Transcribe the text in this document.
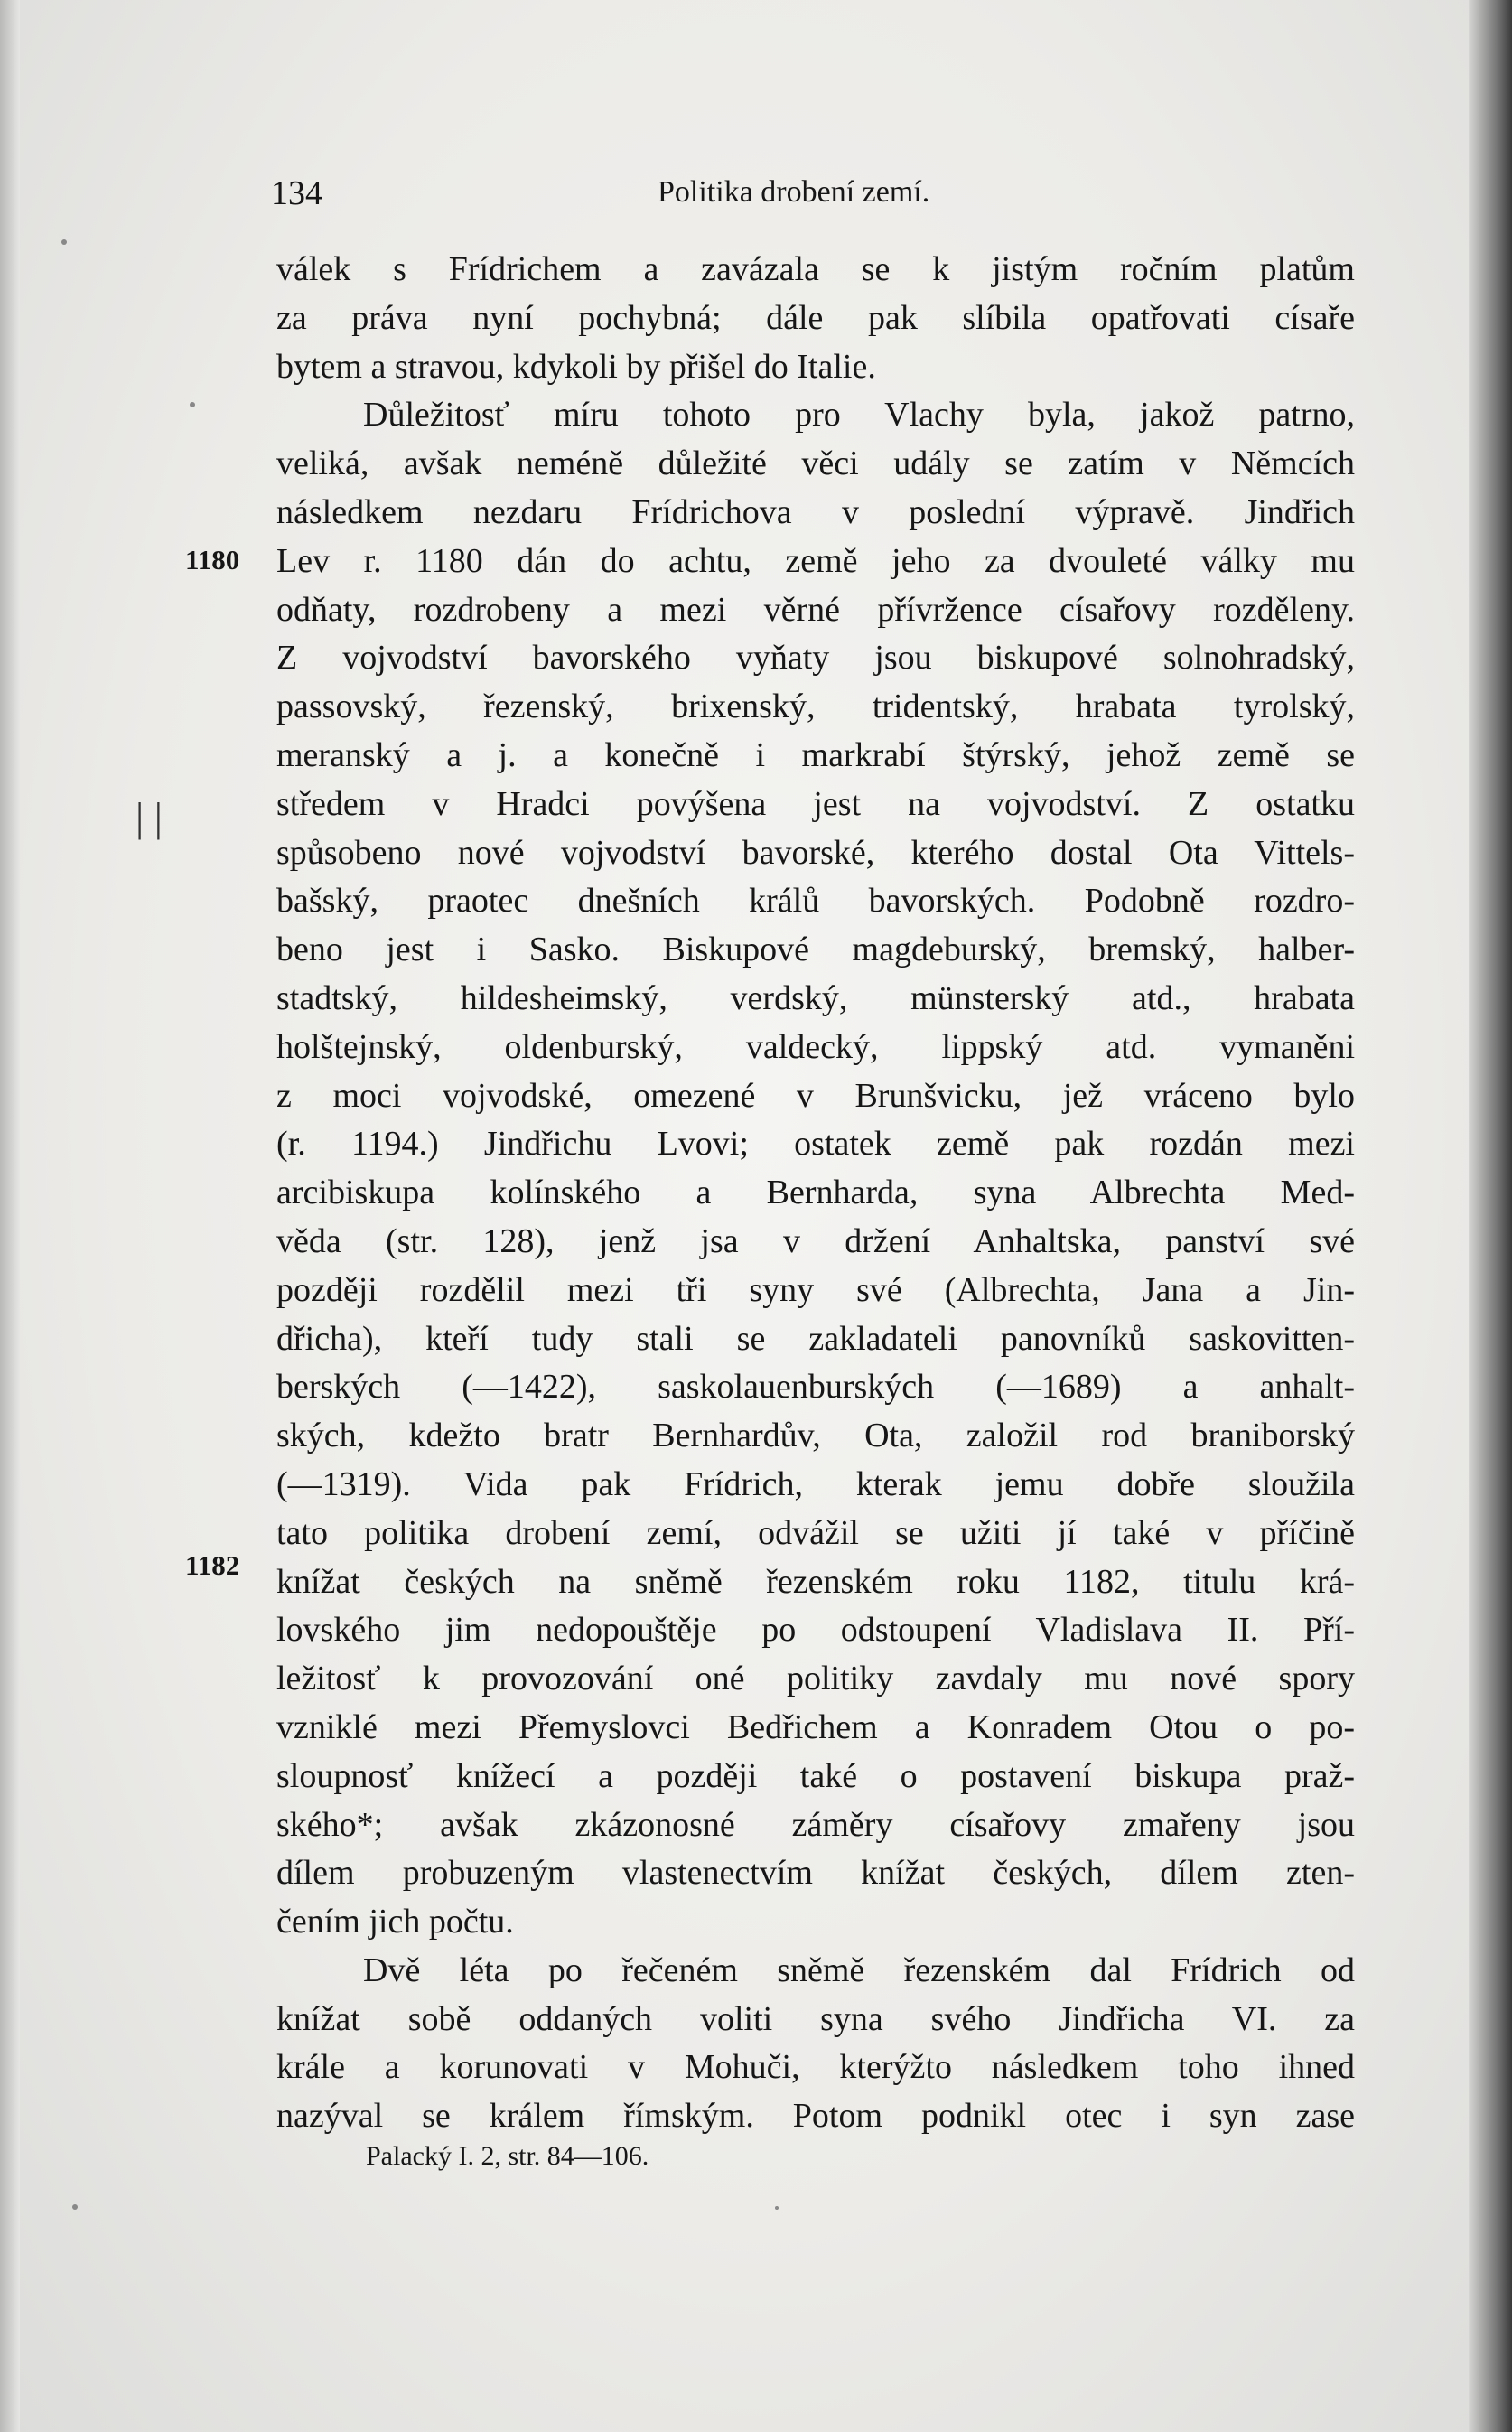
134	Politika drobení zemí.
1180
| |
1182
válek s Frídrichem a zavázala se k jistým ročním platům
za práva nyní pochybná; dále pak slíbila opatřovati císaře
bytem a stravou, kdykoli by přišel do Italie.
Důležitosť míru tohoto pro Vlachy byla, jakož patrno,
veliká, avšak neméně důležité věci udály se zatím v Němcích
následkem nezdaru Frídrichova v poslední výpravě. Jindřich
Lev r. 1180 dán do achtu, země jeho za dvouleté války mu
odňaty, rozdrobeny a mezi věrné přívržence císařovy rozděleny.
Z vojvodství bavorského vyňaty jsou biskupové solnohradský,
passovský, řezenský, brixenský, tridentský, hrabata tyrolský,
meranský a j. a konečně i markrabí štýrský, jehož země se
středem v Hradci povýšena jest na vojvodství. Z ostatku
spůsobeno nové vojvodství bavorské, kterého dostal Ota Vittels-
bašský, praotec dnešních králů bavorských. Podobně rozdro-
beno jest i Sasko. Biskupové magdeburský, bremský, halber-
stadtský, hildesheimský, verdský, münsterský atd., hrabata
holštejnský, oldenburský, valdecký, lippský atd. vymaněni
z moci vojvodské, omezené v Brunšvicku, jež vráceno bylo
(r. 1194.) Jindřichu Lvovi; ostatek země pak rozdán mezi
arcibiskupa kolínského a Bernharda, syna Albrechta Med-
věda (str. 128), jenž jsa v držení Anhaltska, panství své
později rozdělil mezi tři syny své (Albrechta, Jana a Jin-
dřicha), kteří tudy stali se zakladateli panovníků saskovitten-
berských (—1422), saskolauenburských (—1689) a anhalt-
ských, kdežto bratr Bernhardův, Ota, založil rod braniborský
(—1319). Vida pak Frídrich, kterak jemu dobře sloužila
tato politika drobení zemí, odvážil se užiti jí také v příčině
knížat českých na sněmě řezenském roku 1182, titulu krá-
lovského jim nedopouštěje po odstoupení Vladislava II. Pří-
ležitosť k provozování oné politiky zavdaly mu nové spory
vzniklé mezi Přemyslovci Bedřichem a Konradem Otou o po-
sloupnosť knížecí a později také o postavení biskupa praž-
ského*; avšak zkázonosné záměry císařovy zmařeny jsou
dílem probuzeným vlastenectvím knížat českých, dílem zten-
čením jich počtu.
Dvě léta po řečeném sněmě řezenském dal Frídrich od
knížat sobě oddaných voliti syna svého Jindřicha VI. za
krále a korunovati v Mohuči, kterýžto následkem toho ihned
nazýval se králem římským. Potom podnikl otec i syn zase
Palacký I. 2, str. 84—106.
